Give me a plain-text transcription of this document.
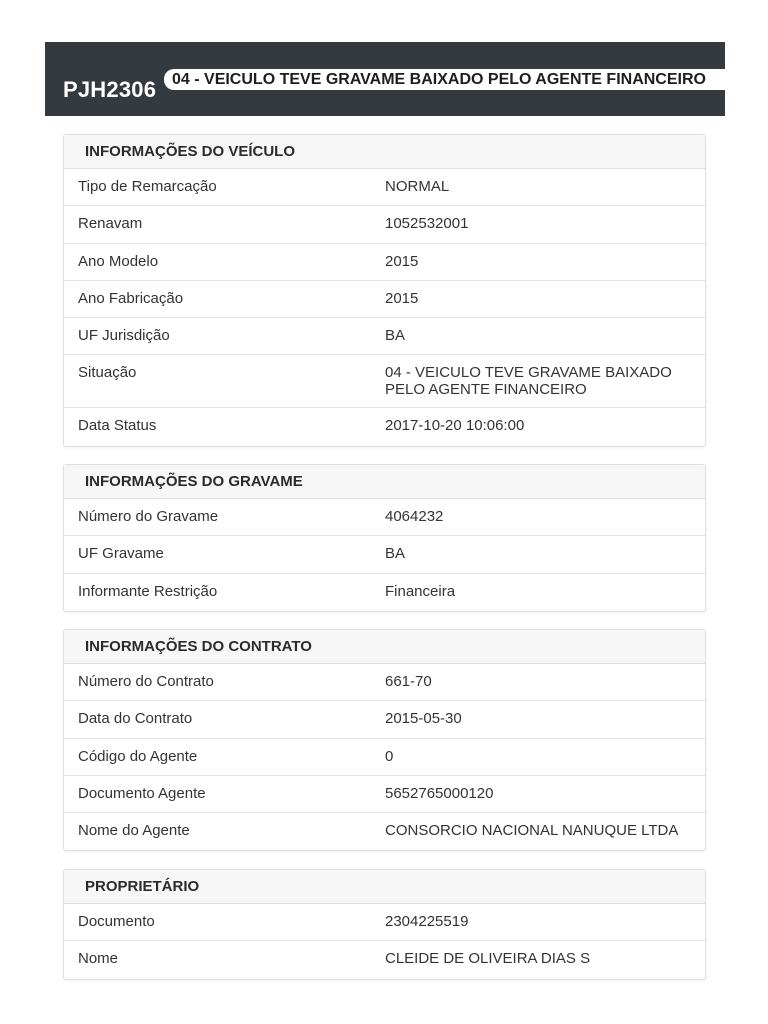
PJH2306 04 - VEICULO TEVE GRAVAME BAIXADO PELO AGENTE FINANCEIRO
INFORMAÇÕES DO VEÍCULO
Tipo de Remarcação	NORMAL
Renavam	1052532001
Ano Modelo	2015
Ano Fabricação	2015
UF Jurisdição	BA
Situação	04 - VEICULO TEVE GRAVAME BAIXADO PELO AGENTE FINANCEIRO
Data Status	2017-10-20 10:06:00
INFORMAÇÕES DO GRAVAME
Número do Gravame	4064232
UF Gravame	BA
Informante Restrição	Financeira
INFORMAÇÕES DO CONTRATO
Número do Contrato	661-70
Data do Contrato	2015-05-30
Código do Agente	0
Documento Agente	5652765000120
Nome do Agente	CONSORCIO NACIONAL NANUQUE LTDA
PROPRIETÁRIO
Documento	2304225519
Nome	CLEIDE DE OLIVEIRA DIAS S
